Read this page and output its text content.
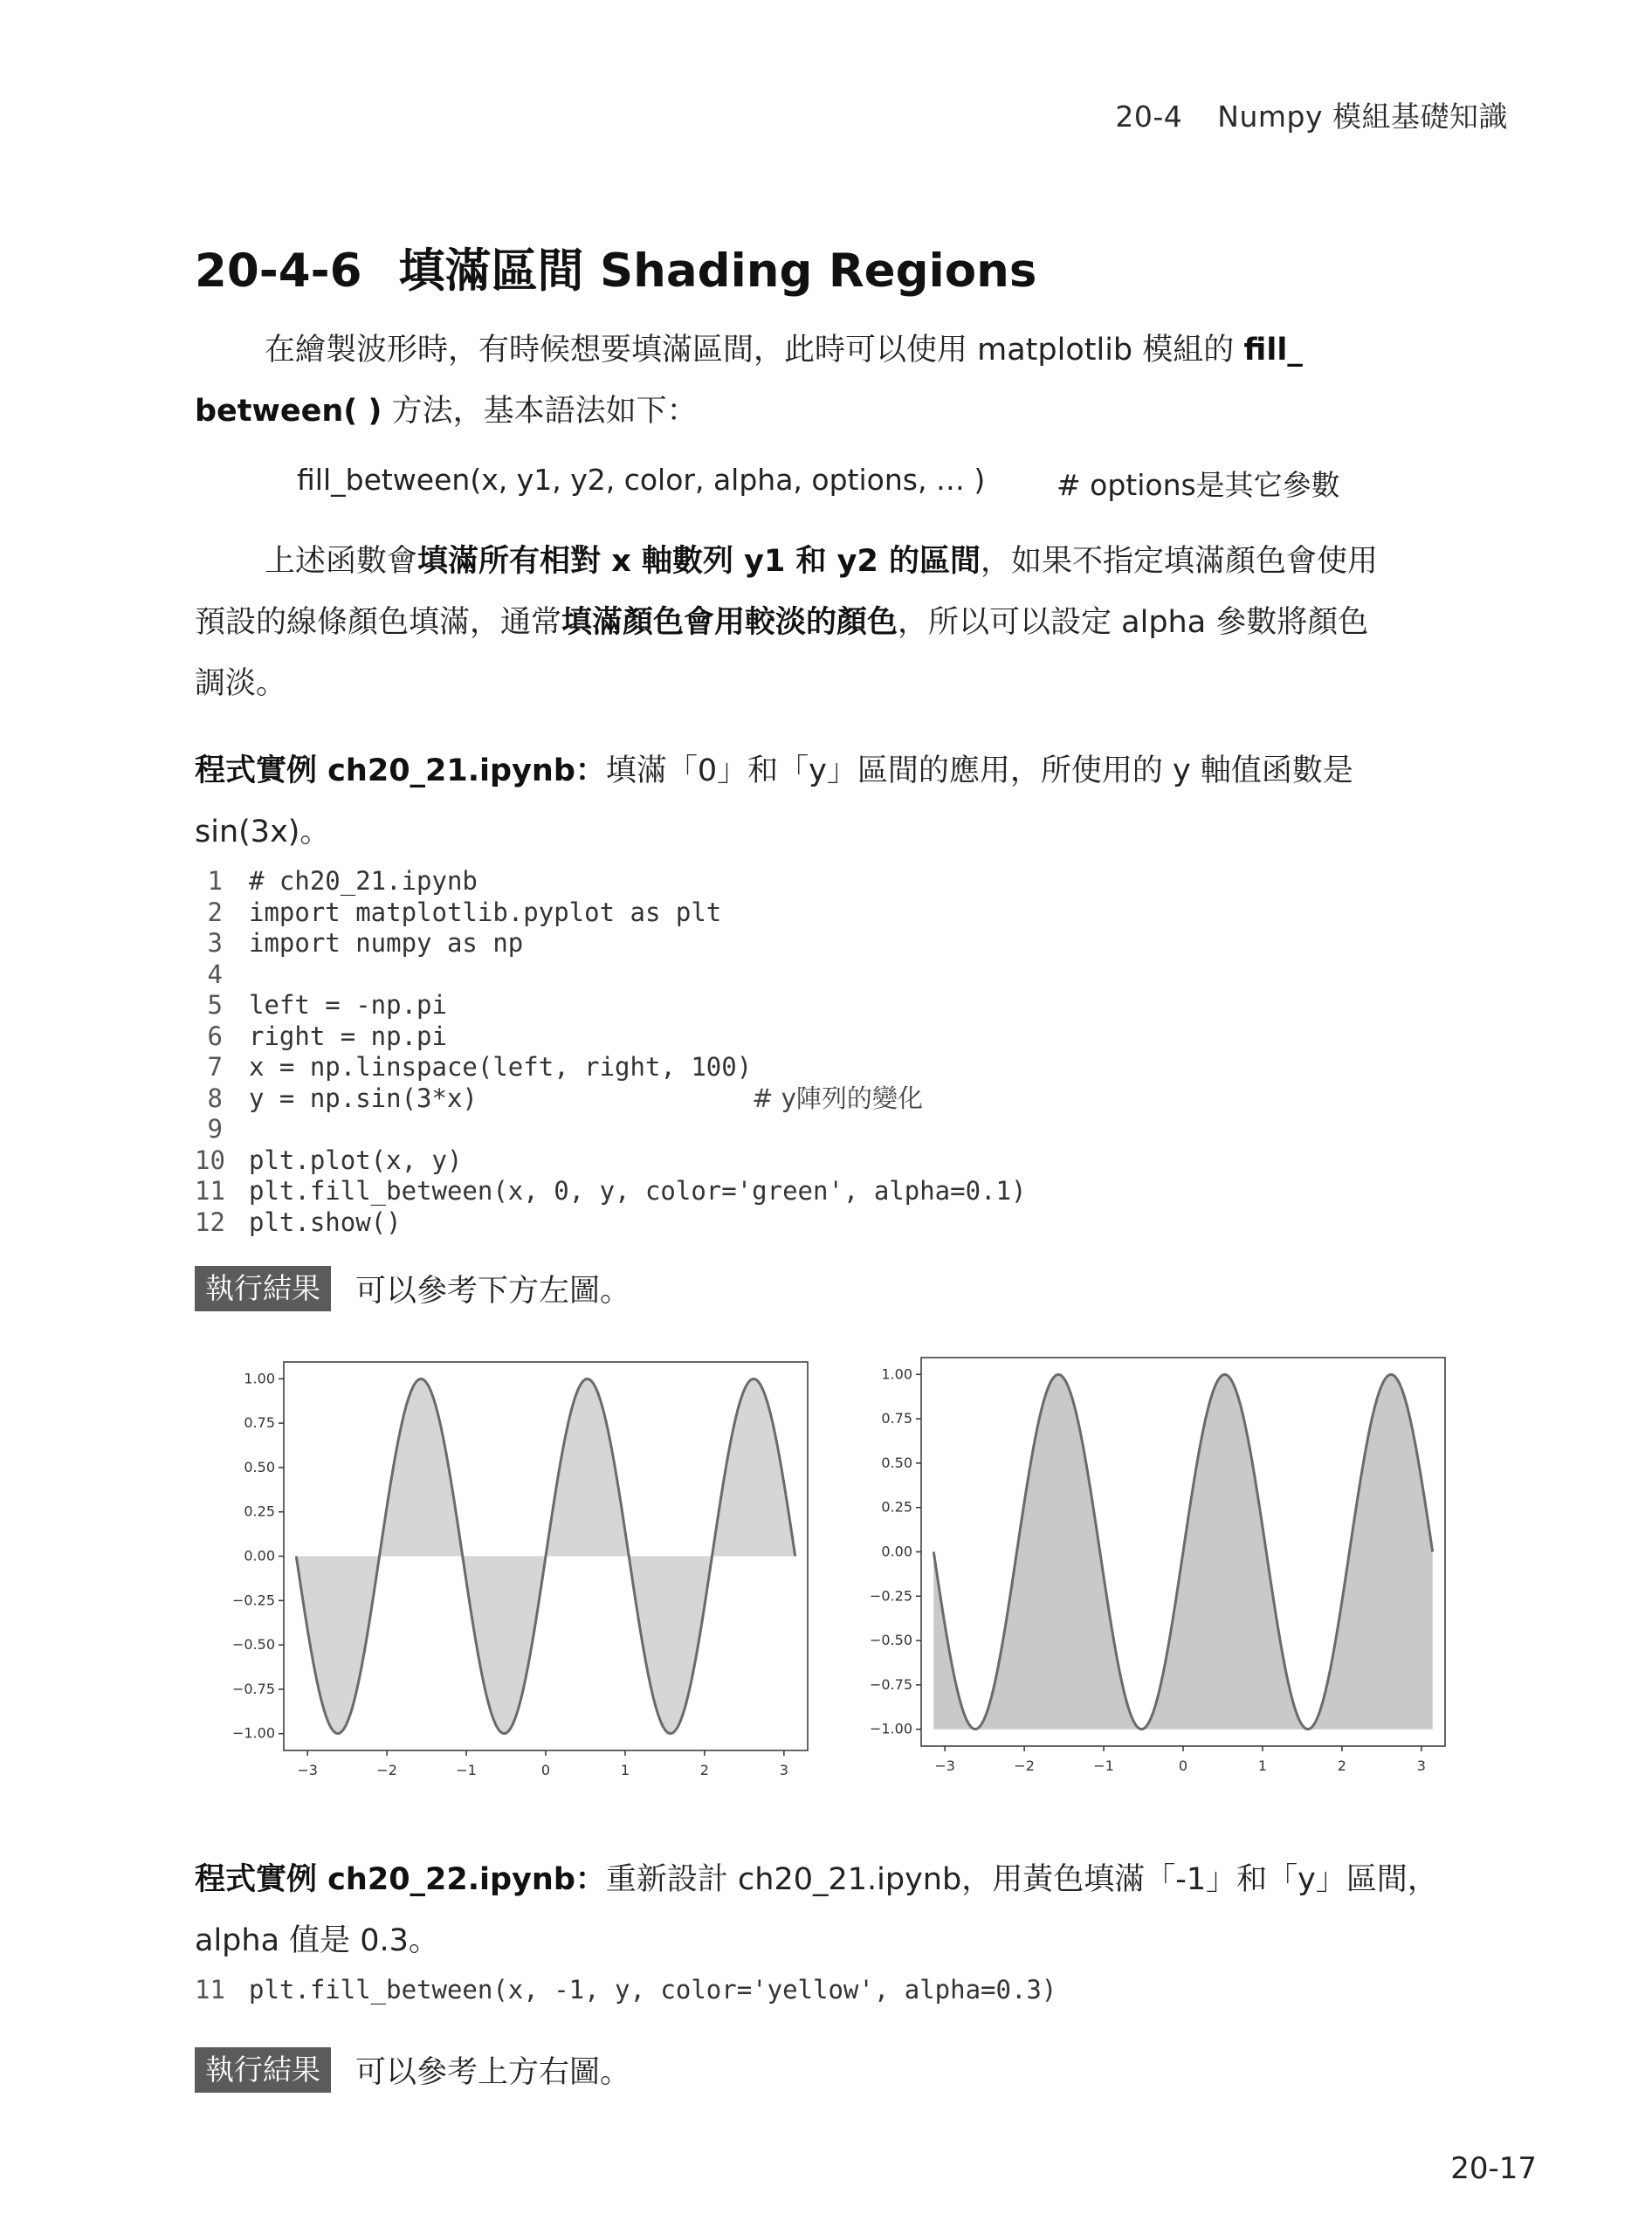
20-4 Numpy 模組基礎知識
20-4-6 填滿區間 Shading Regions
在繪製波形時，有時候想要填滿區間，此時可以使用 matplotlib 模組的 fill_
between( ) 方法，基本語法如下：
fill_between(x, y1, y2, color, alpha, options, … ) # options是其它參數
上述函數會填滿所有相對 x 軸數列 y1 和 y2 的區間，如果不指定填滿顏色會使用
預設的線條顏色填滿，通常填滿顏色會用較淡的顏色，所以可以設定 alpha 參數將顏色
調淡。
程式實例 ch20_21.ipynb：填滿「0」和「y」區間的應用，所使用的 y 軸值函數是
sin(3x)。
1 # ch20_21.ipynb
2 import matplotlib.pyplot as plt
3 import numpy as np
4
5 left = -np.pi
6 right = np.pi
7 x = np.linspace(left, right, 100)
8 y = np.sin(3*x)                  # y陣列的變化
9
10 plt.plot(x, y)
11 plt.fill_between(x, 0, y, color='green', alpha=0.1)
12 plt.show()
執行結果	可以參考下方左圖。
−3	−2	−1	0	1	2	3
1.00
0.75
0.50
0.25
0.00
−0.25
−0.50
−0.75
−1.00
−3	−2	−1	0	1	2	3
1.00
0.75
0.50
0.25
0.00
−0.25
−0.50
−0.75
−1.00
程式實例 ch20_22.ipynb：重新設計 ch20_21.ipynb，用黃色填滿「-1」和「y」區間，
alpha 值是 0.3。
11 plt.fill_between(x, -1, y, color='yellow', alpha=0.3)
執行結果	可以參考上方右圖。
20-17
